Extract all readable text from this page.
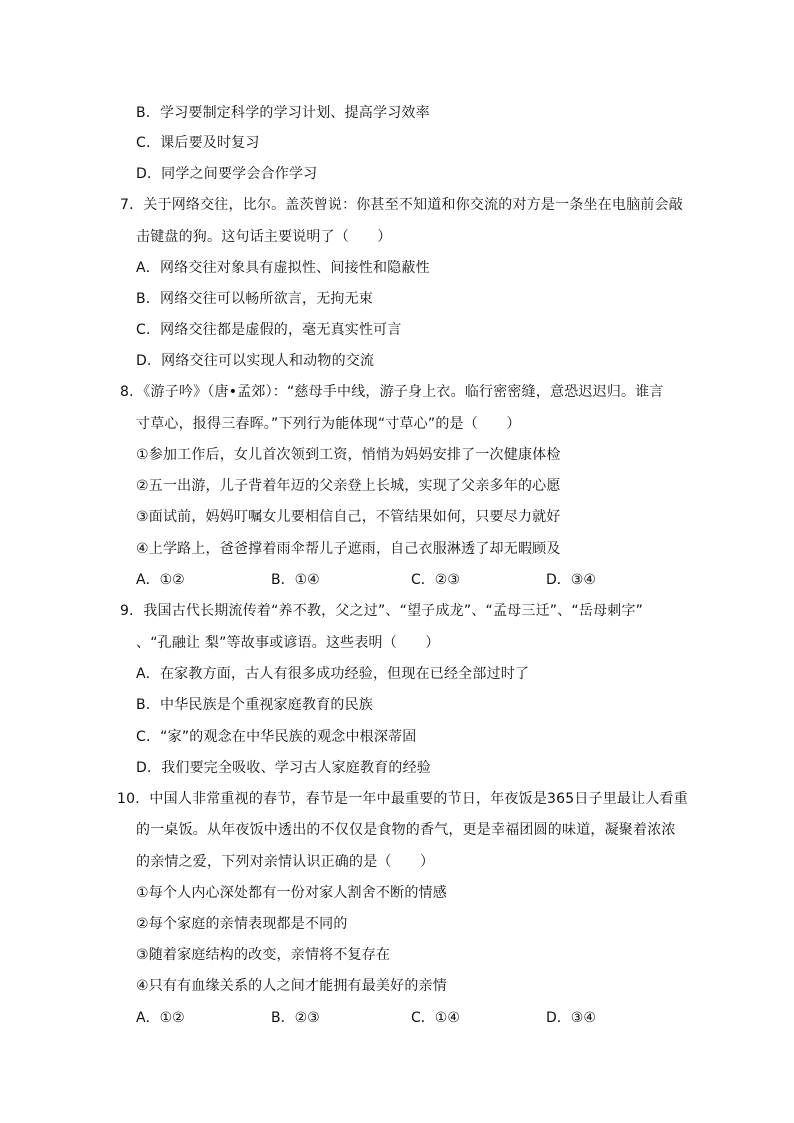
B．学习要制定科学的学习计划、提高学习效率
C．课后要及时复习
D．同学之间要学会合作学习
7．关于网络交往，比尔。盖茨曾说：你甚至不知道和你交流的对方是一条坐在电脑前会敲
击键盘的狗。这句话主要说明了（　　）
A．网络交往对象具有虚拟性、间接性和隐蔽性
B．网络交往可以畅所欲言，无拘无束
C．网络交往都是虚假的，毫无真实性可言
D．网络交往可以实现人和动物的交流
8．《游子吟》（唐•孟郊）：“慈母手中线，游子身上衣。临行密密缝，意恐迟迟归。谁言
寸草心，报得三春晖。”下列行为能体现“寸草心”的是（　　）
①参加工作后，女儿首次领到工资，悄悄为妈妈安排了一次健康体检
②五一出游，儿子背着年迈的父亲登上长城，实现了父亲多年的心愿
③面试前，妈妈叮嘱女儿要相信自己，不管结果如何，只要尽力就好
④上学路上，爸爸撑着雨伞帮儿子遮雨，自己衣服淋透了却无暇顾及
A．①②	B．①④	C．②③	D．③④
9．我国古代长期流传着“养不教，父之过”、“望子成龙”、“孟母三迁”、“岳母刺字”
、“孔融让 梨”等故事或谚语。这些表明（　　）
A．在家教方面，古人有很多成功经验，但现在已经全部过时了
B．中华民族是个重视家庭教育的民族
C．“家”的观念在中华民族的观念中根深蒂固
D．我们要完全吸收、学习古人家庭教育的经验
10．中国人非常重视的春节，春节是一年中最重要的节日，年夜饭是365日子里最让人看重
的一桌饭。从年夜饭中透出的不仅仅是食物的香气，更是幸福团圆的味道，凝聚着浓浓
的亲情之爱，下列对亲情认识正确的是（　　）
①每个人内心深处都有一份对家人割舍不断的情感
②每个家庭的亲情表现都是不同的
③随着家庭结构的改变，亲情将不复存在
④只有有血缘关系的人之间才能拥有最美好的亲情
A．①②	B．②③	C．①④	D．③④
